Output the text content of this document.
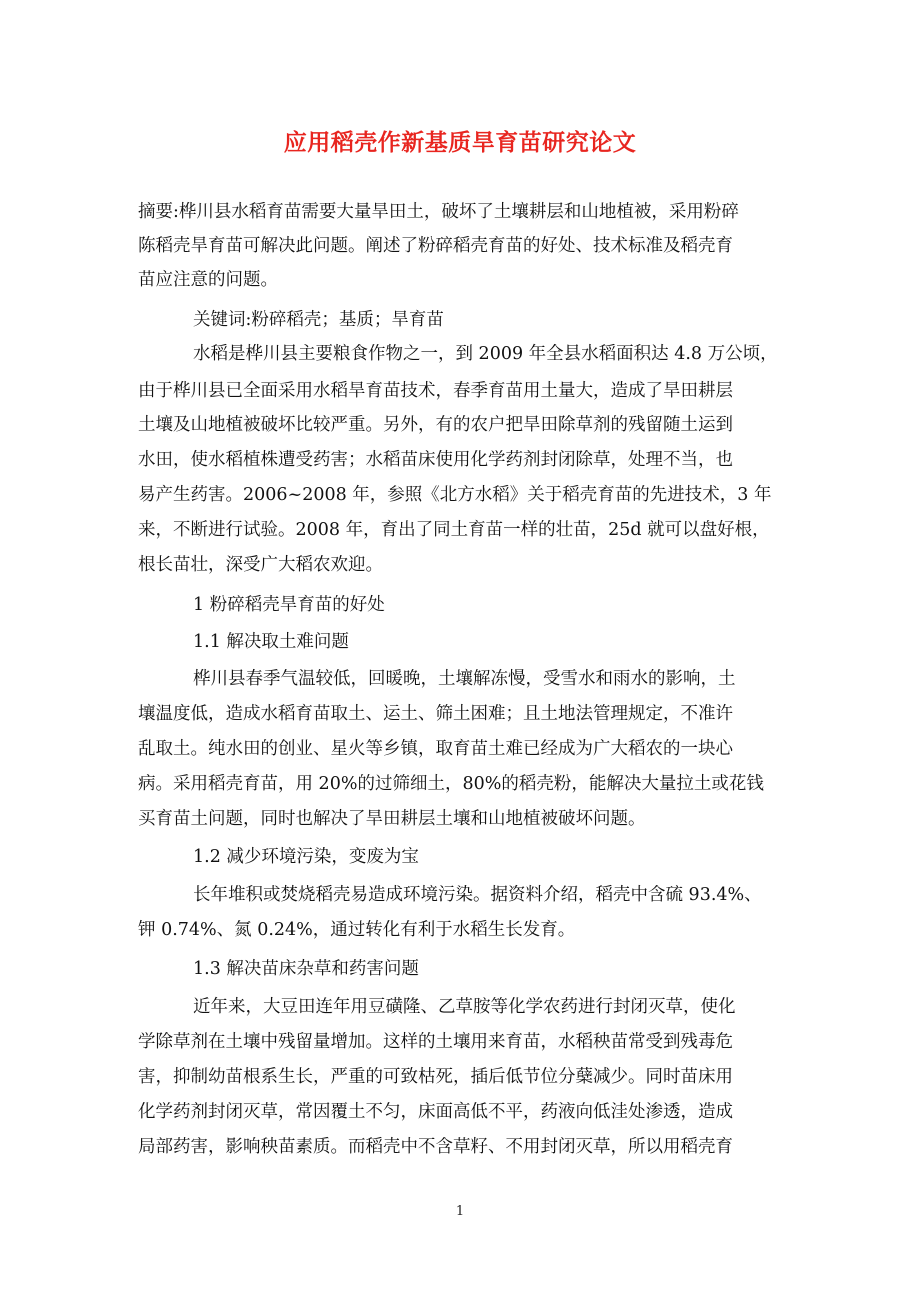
应用稻壳作新基质旱育苗研究论文
摘要:桦川县水稻育苗需要大量旱田土，破坏了土壤耕层和山地植被，采用粉碎
陈稻壳旱育苗可解决此问题。阐述了粉碎稻壳育苗的好处、技术标准及稻壳育
苗应注意的问题。
关键词:粉碎稻壳；基质；旱育苗
水稻是桦川县主要粮食作物之一，到 2009 年全县水稻面积达 4.8 万公顷，
由于桦川县已全面采用水稻旱育苗技术，春季育苗用土量大，造成了旱田耕层
土壤及山地植被破坏比较严重。另外，有的农户把旱田除草剂的残留随土运到
水田，使水稻植株遭受药害；水稻苗床使用化学药剂封闭除草，处理不当，也
易产生药害。2006~2008 年，参照《北方水稻》关于稻壳育苗的先进技术，3 年
来，不断进行试验。2008 年，育出了同土育苗一样的壮苗，25d 就可以盘好根，
根长苗壮，深受广大稻农欢迎。
1 粉碎稻壳旱育苗的好处
1.1 解决取土难问题
桦川县春季气温较低，回暖晚，土壤解冻慢，受雪水和雨水的影响，土
壤温度低，造成水稻育苗取土、运土、筛土困难；且土地法管理规定，不准许
乱取土。纯水田的创业、星火等乡镇，取育苗土难已经成为广大稻农的一块心
病。采用稻壳育苗，用 20%的过筛细土，80%的稻壳粉，能解决大量拉土或花钱
买育苗土问题，同时也解决了旱田耕层土壤和山地植被破坏问题。
1.2 减少环境污染，变废为宝
长年堆积或焚烧稻壳易造成环境污染。据资料介绍，稻壳中含硫 93.4%、
钾 0.74%、氮 0.24%，通过转化有利于水稻生长发育。
1.3 解决苗床杂草和药害问题
近年来，大豆田连年用豆磺隆、乙草胺等化学农药进行封闭灭草，使化
学除草剂在土壤中残留量增加。这样的土壤用来育苗，水稻秧苗常受到残毒危
害，抑制幼苗根系生长，严重的可致枯死，插后低节位分蘖减少。同时苗床用
化学药剂封闭灭草，常因覆土不匀，床面高低不平，药液向低洼处渗透，造成
局部药害，影响秧苗素质。而稻壳中不含草籽、不用封闭灭草，所以用稻壳育
1
